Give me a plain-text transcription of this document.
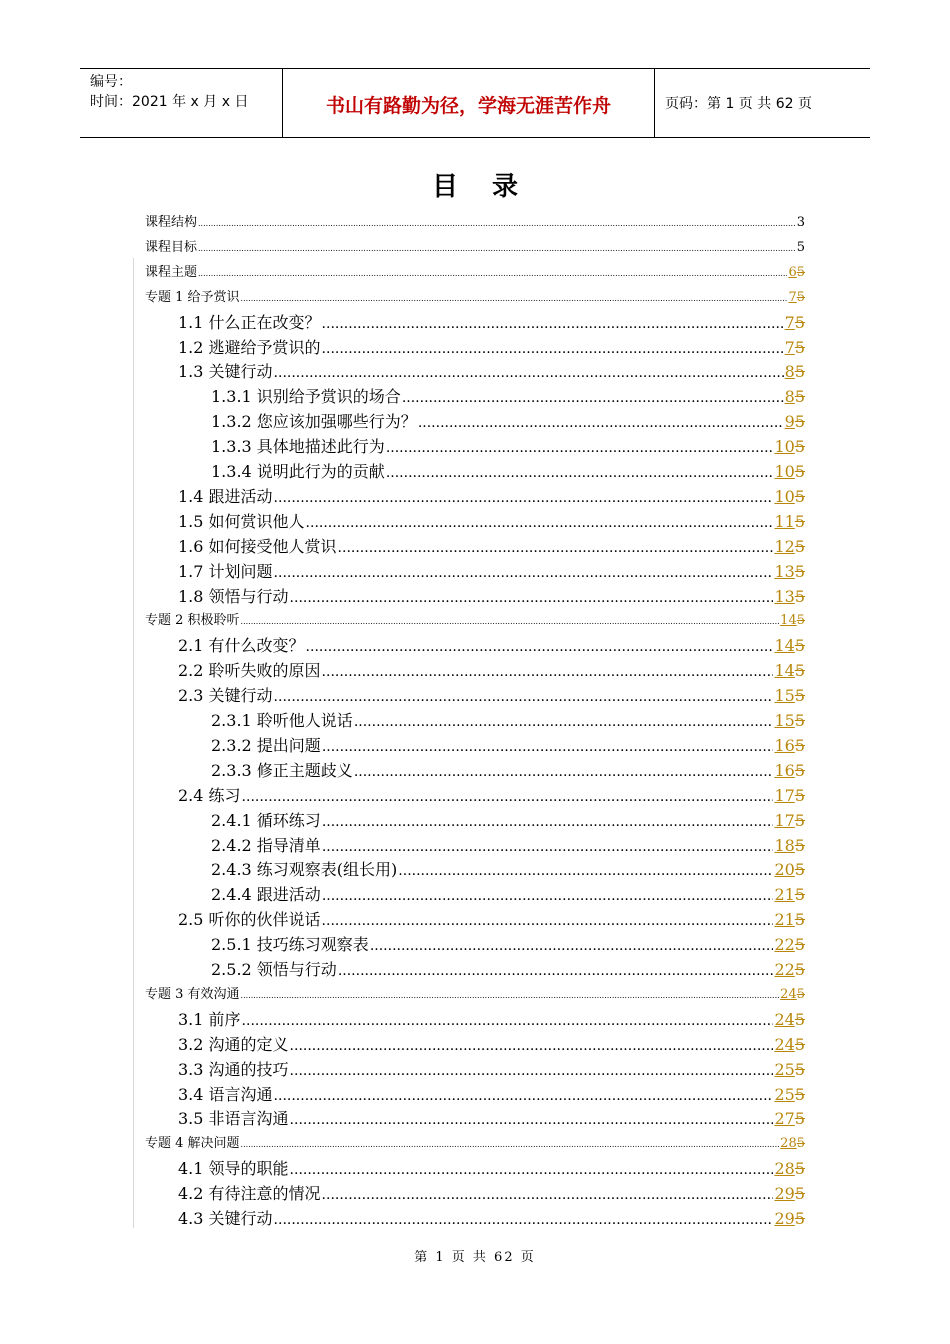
编号：
时间：2021 年 x 月 x 日	书山有路勤为径，学海无涯苦作舟	页码：第 1 页 共 62 页
目录
课程结构 .....	3
课程目标 .....	5
课程主题 .....	65
专题 1 给予赏识 .....	75
1.1 什么正在改变？ .....	75
1.2 逃避给予赏识的 .....	75
1.3 关键行动 .....	85
1.3.1 识别给予赏识的场合 .....	85
1.3.2 您应该加强哪些行为？ .....	95
1.3.3 具体地描述此行为 .....	105
1.3.4 说明此行为的贡献 .....	105
1.4 跟进活动 .....	105
1.5 如何赏识他人 .....	115
1.6 如何接受他人赏识 .....	125
1.7 计划问题 .....	135
1.8 领悟与行动 .....	135
专题 2 积极聆听 .....	145
2.1 有什么改变？ .....	145
2.2 聆听失败的原因 .....	145
2.3 关键行动 .....	155
2.3.1 聆听他人说话 .....	155
2.3.2 提出问题 .....	165
2.3.3 修正主题歧义 .....	165
2.4 练习 .....	175
2.4.1 循环练习 .....	175
2.4.2 指导清单 .....	185
2.4.3 练习观察表(组长用) .....	205
2.4.4 跟进活动 .....	215
2.5 听你的伙伴说话 .....	215
2.5.1 技巧练习观察表 .....	225
2.5.2 领悟与行动 .....	225
专题 3 有效沟通 .....	245
3.1 前序 .....	245
3.2 沟通的定义 .....	245
3.3 沟通的技巧 .....	255
3.4 语言沟通 .....	255
3.5 非语言沟通 .....	275
专题 4 解决问题 .....	285
4.1 领导的职能 .....	285
4.2 有待注意的情况 .....	295
4.3 关键行动 .....	295
第 1 页 共 62 页
